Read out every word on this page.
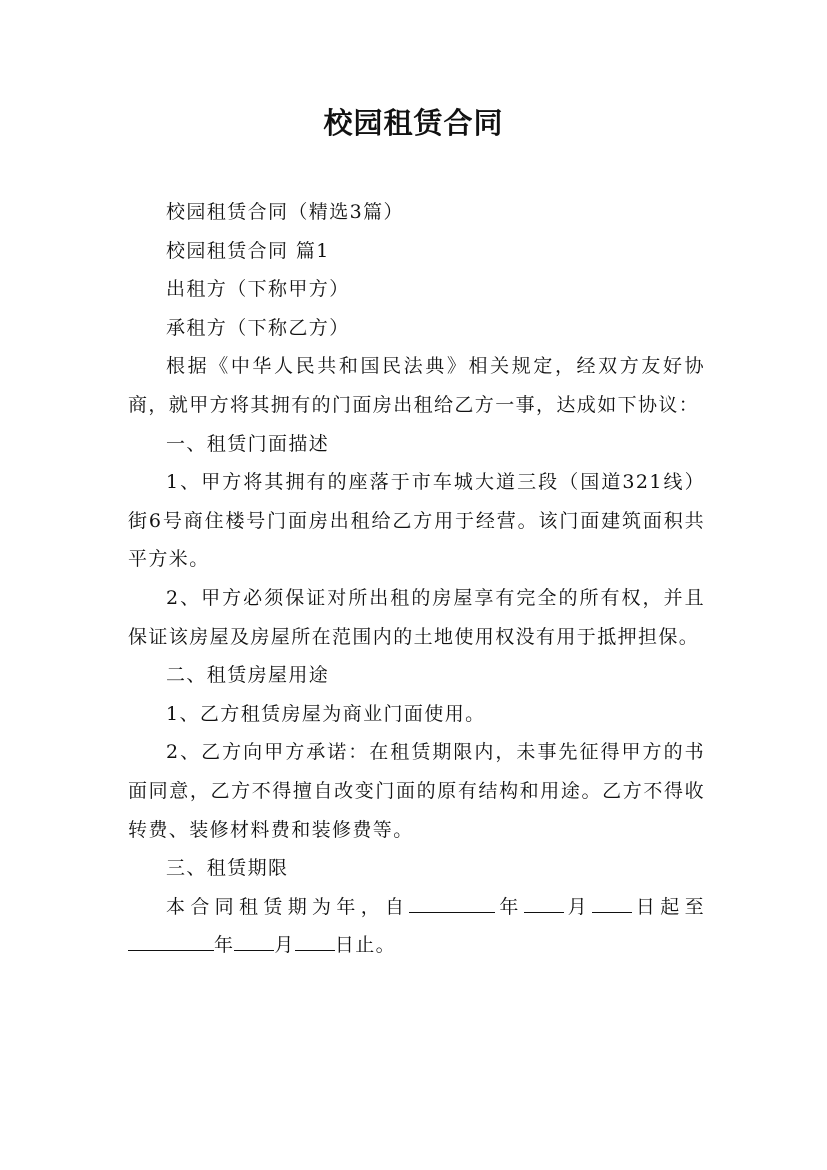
校园租赁合同

校园租赁合同（精选3篇）

校园租赁合同 篇1

出租方（下称甲方）

承租方（下称乙方）

根据《中华人民共和国民法典》相关规定，经双方友好协商，就甲方将其拥有的门面房出租给乙方一事，达成如下协议：

一、租赁门面描述

1、甲方将其拥有的座落于市车城大道三段（国道321线）街6号商住楼号门面房出租给乙方用于经营。该门面建筑面积共平方米。

2、甲方必须保证对所出租的房屋享有完全的所有权，并且保证该房屋及房屋所在范围内的土地使用权没有用于抵押担保。

二、租赁房屋用途

1、乙方租赁房屋为商业门面使用。

2、乙方向甲方承诺：在租赁期限内，未事先征得甲方的书面同意，乙方不得擅自改变门面的原有结构和用途。乙方不得收转费、装修材料费和装修费等。

三、租赁期限

本合同租赁期为年，自	年 月 日起至年 月 日止。
